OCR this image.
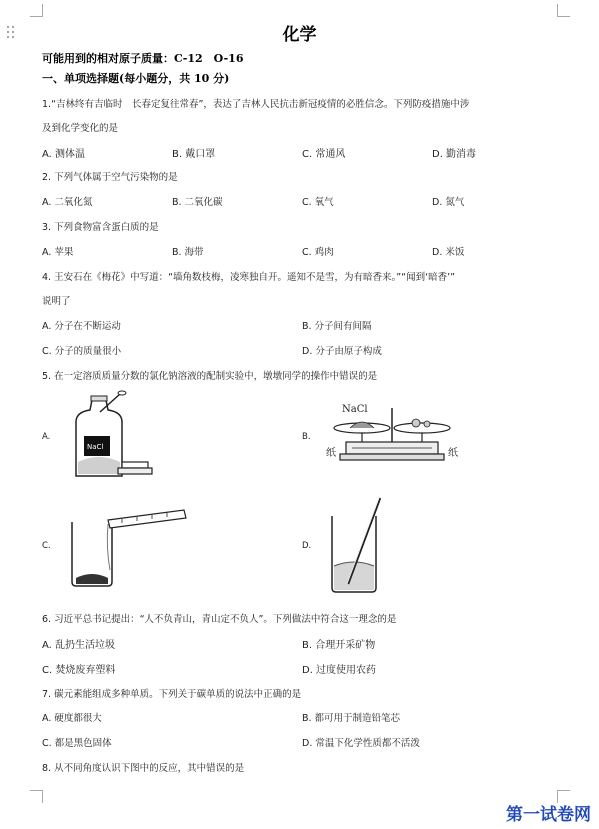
化学
可能用到的相对原子质量：C-12　O-16
一、单项选择题(每小题分，共 10 分)
1.“吉林终有吉临时　长春定复往常春”，表达了吉林人民抗击新冠疫情的必胜信念。下列防疫措施中涉
及到化学变化的是
A. 测体温	B. 戴口罩	C. 常通风	D. 勤消毒
2. 下列气体属于空气污染物的是
A. 二氧化氮	B. 二氧化碳	C. 氧气	D. 氮气
3. 下列食物富含蛋白质的是
A. 苹果	B. 海带	C. 鸡肉	D. 米饭
4. 王安石在《梅花》中写道：“墙角数枝梅，凌寒独自开。遥知不是雪，为有暗香来。”“闻到‘暗香’”
说明了
A. 分子在不断运动	B. 分子间有间隔
C. 分子的质量很小	D. 分子由原子构成
5. 在一定溶质质量分数的氯化钠溶液的配制实验中，墩墩同学的操作中错误的是
A.	B.
C.	D.
NaCl
NaCl
纸	纸
6. 习近平总书记提出：“人不负青山，青山定不负人”。下列做法中符合这一理念的是
A. 乱扔生活垃圾	B. 合理开采矿物
C. 焚烧废弃塑料	D. 过度使用农药
7. 碳元素能组成多种单质。下列关于碳单质的说法中正确的是
A. 硬度都很大	B. 都可用于制造铅笔芯
C. 都是黑色固体	D. 常温下化学性质都不活泼
8. 从不同角度认识下图中的反应，其中错误的是
第一试卷网
